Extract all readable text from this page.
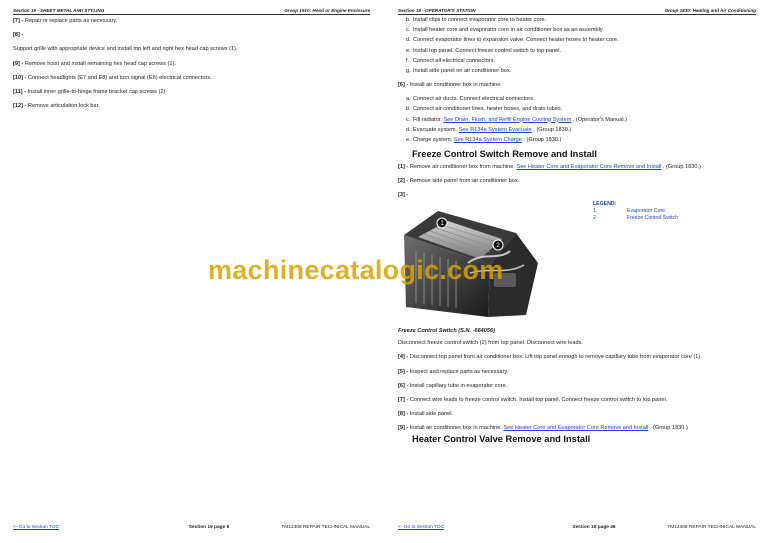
Section 19 - SHEET METAL AND STYLING	Group 1910: Hood or Engine Enclosure

[7] - Repair or replace parts as necessary.

[8] -

Support grille with appropriate device and install top left and right hex head cap screws (1).

[9] - Remove hoist and install remaining hex head cap screws (1).

[10] - Connect headlights (E7 and E8) and turn signal (E6) electrical connectors.

[11] - Install inner grille-to-hinge frame bracket cap screws (2).

[12] - Remove articulation lock bar.

<- Go to Section TOC	Section 19 page 9	TM12408 REPAIR TECHNICAL MANUAL
Section 18 - OPERATOR'S STATION	Group 1830: Heating and Air Conditioning
b. Install clips to connect evaporator core to heater core.
c. Install heater core and evaporator core in air conditioner box as an assembly.
d. Connect evaporator lines to expansion valve. Connect heater hoses to heater core.
e. Install top panel. Connect freeze control switch to top panel.
f. Connect all electrical connectors.
g. Install side panel on air conditioner box.

[6] - Install air conditioner box in machine.

a. Connect air ducts. Connect electrical connectors.
b. Connect air conditioner lines, heater hoses, and drain tubes.
c. Fill radiator. See Drain, Flush, and Refill Engine Cooling System . (Operator's Manual.)
d. Evacuate system. See R134a System Evacuate . (Group 1830.)
e. Charge system. See R134a System Charge . (Group 1830.)
Freeze Control Switch Remove and Install

[1] - Remove air conditioner box from machine. See Heater Core and Evaporator Core Remove and Install . (Group 1830.)

[2] - Remove side panel from air conditioner box.

[3] -

1
2
LEGEND:
1	Evaporator Core
2	Freeze Control Switch
Freeze Control Switch (S.N. -664056)

Disconnect freeze control switch (2) from top panel. Disconnect wire leads.

[4] - Disconnect top panel from air conditioner box. Lift top panel enough to remove capillary tube from evaporator core (1).

[5] - Inspect and replace parts as necessary.

[6] - Install capillary tube in evaporator core.

[7] - Connect wire leads to freeze control switch. Install top panel. Connect freeze control switch to top panel.

[8] - Install side panel.

[9] - Install air conditioner box in machine. See Heater Core and Evaporator Core Remove and Install . (Group 1830.)

Heater Control Valve Remove and Install
<- Go to Section TOC	Section 18 page 46	TM12408 REPAIR TECHNICAL MANUAL
machinecatalogic.com
